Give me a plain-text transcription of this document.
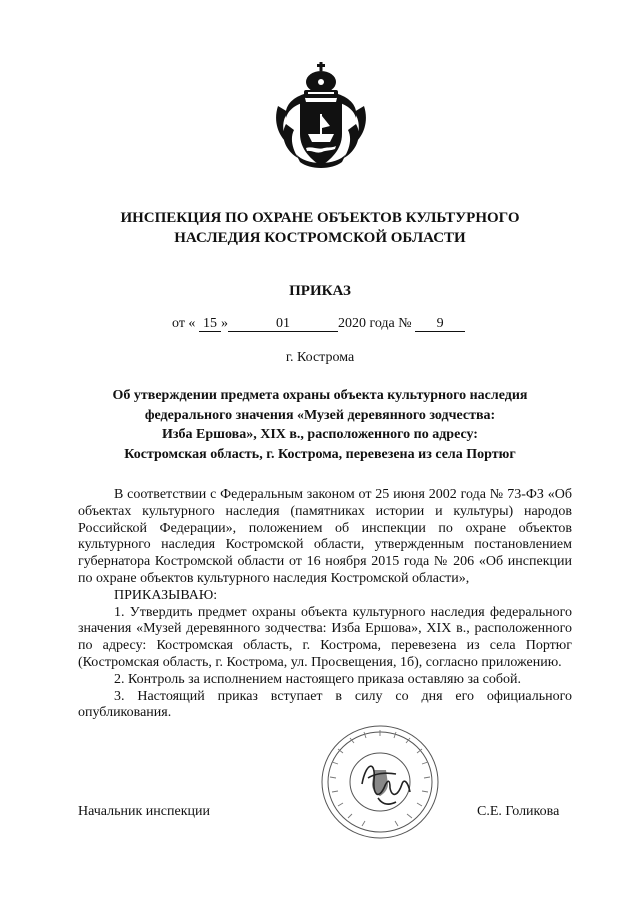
ИНСПЕКЦИЯ ПО ОХРАНЕ ОБЪЕКТОВ КУЛЬТУРНОГО
НАСЛЕДИЯ КОСТРОМСКОЙ ОБЛАСТИ
ПРИКАЗ
от « 15 »	01	2020 года № 9
г. Кострома
Об утверждении предмета охраны объекта культурного наследия
федерального значения «Музей деревянного зодчества:
Изба Ершова», XIX в., расположенного по адресу:
Костромская область, г. Кострома, перевезена из села Портюг

В соответствии с Федеральным законом от 25 июня 2002 года № 73-ФЗ «Об объектах культурного наследия (памятниках истории и культуры) народов Российской Федерации», положением об инспекции по охране объектов культурного наследия Костромской области, утвержденным постановлением губернатора Костромской области от 16 ноября 2015 года № 206 «Об инспекции по охране объектов культурного наследия Костромской области»,

ПРИКАЗЫВАЮ:

1. Утвердить предмет охраны объекта культурного наследия федерального значения «Музей деревянного зодчества: Изба Ершова», XIX в., расположенного по адресу: Костромская область, г. Кострома, перевезена из села Портюг (Костромская область, г. Кострома, ул. Просвещения, 1б), согласно приложению.

2. Контроль за исполнением настоящего приказа оставляю за собой.

3. Настоящий приказ вступает в силу со дня его официального опубликования.

Начальник инспекции	С.Е. Голикова
